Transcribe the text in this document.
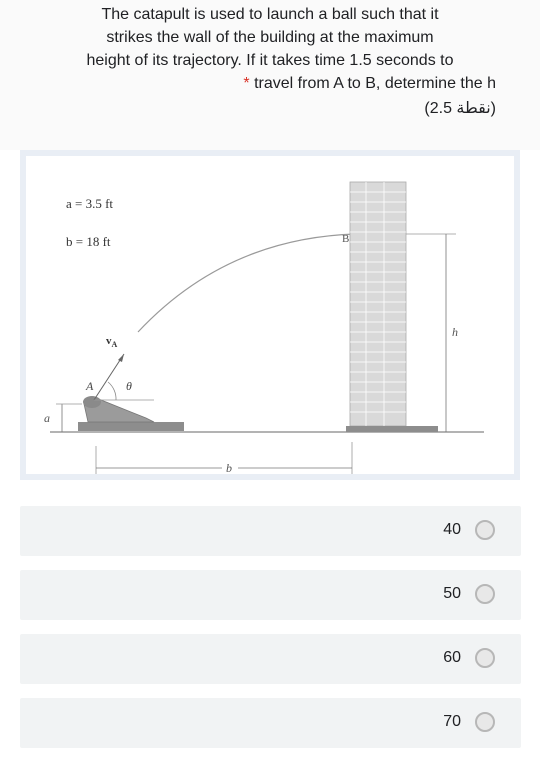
The catapult is used to launch a ball such that it
strikes the wall of the building at the maximum
height of its trajectory. If it takes time 1.5 seconds to
* travel from A to B, determine the h
(نقطة 2.5)
a
$v_A$
A	θ
B
h
b
a = 3.5 ft
b = 18 ft
40
50
60
70
